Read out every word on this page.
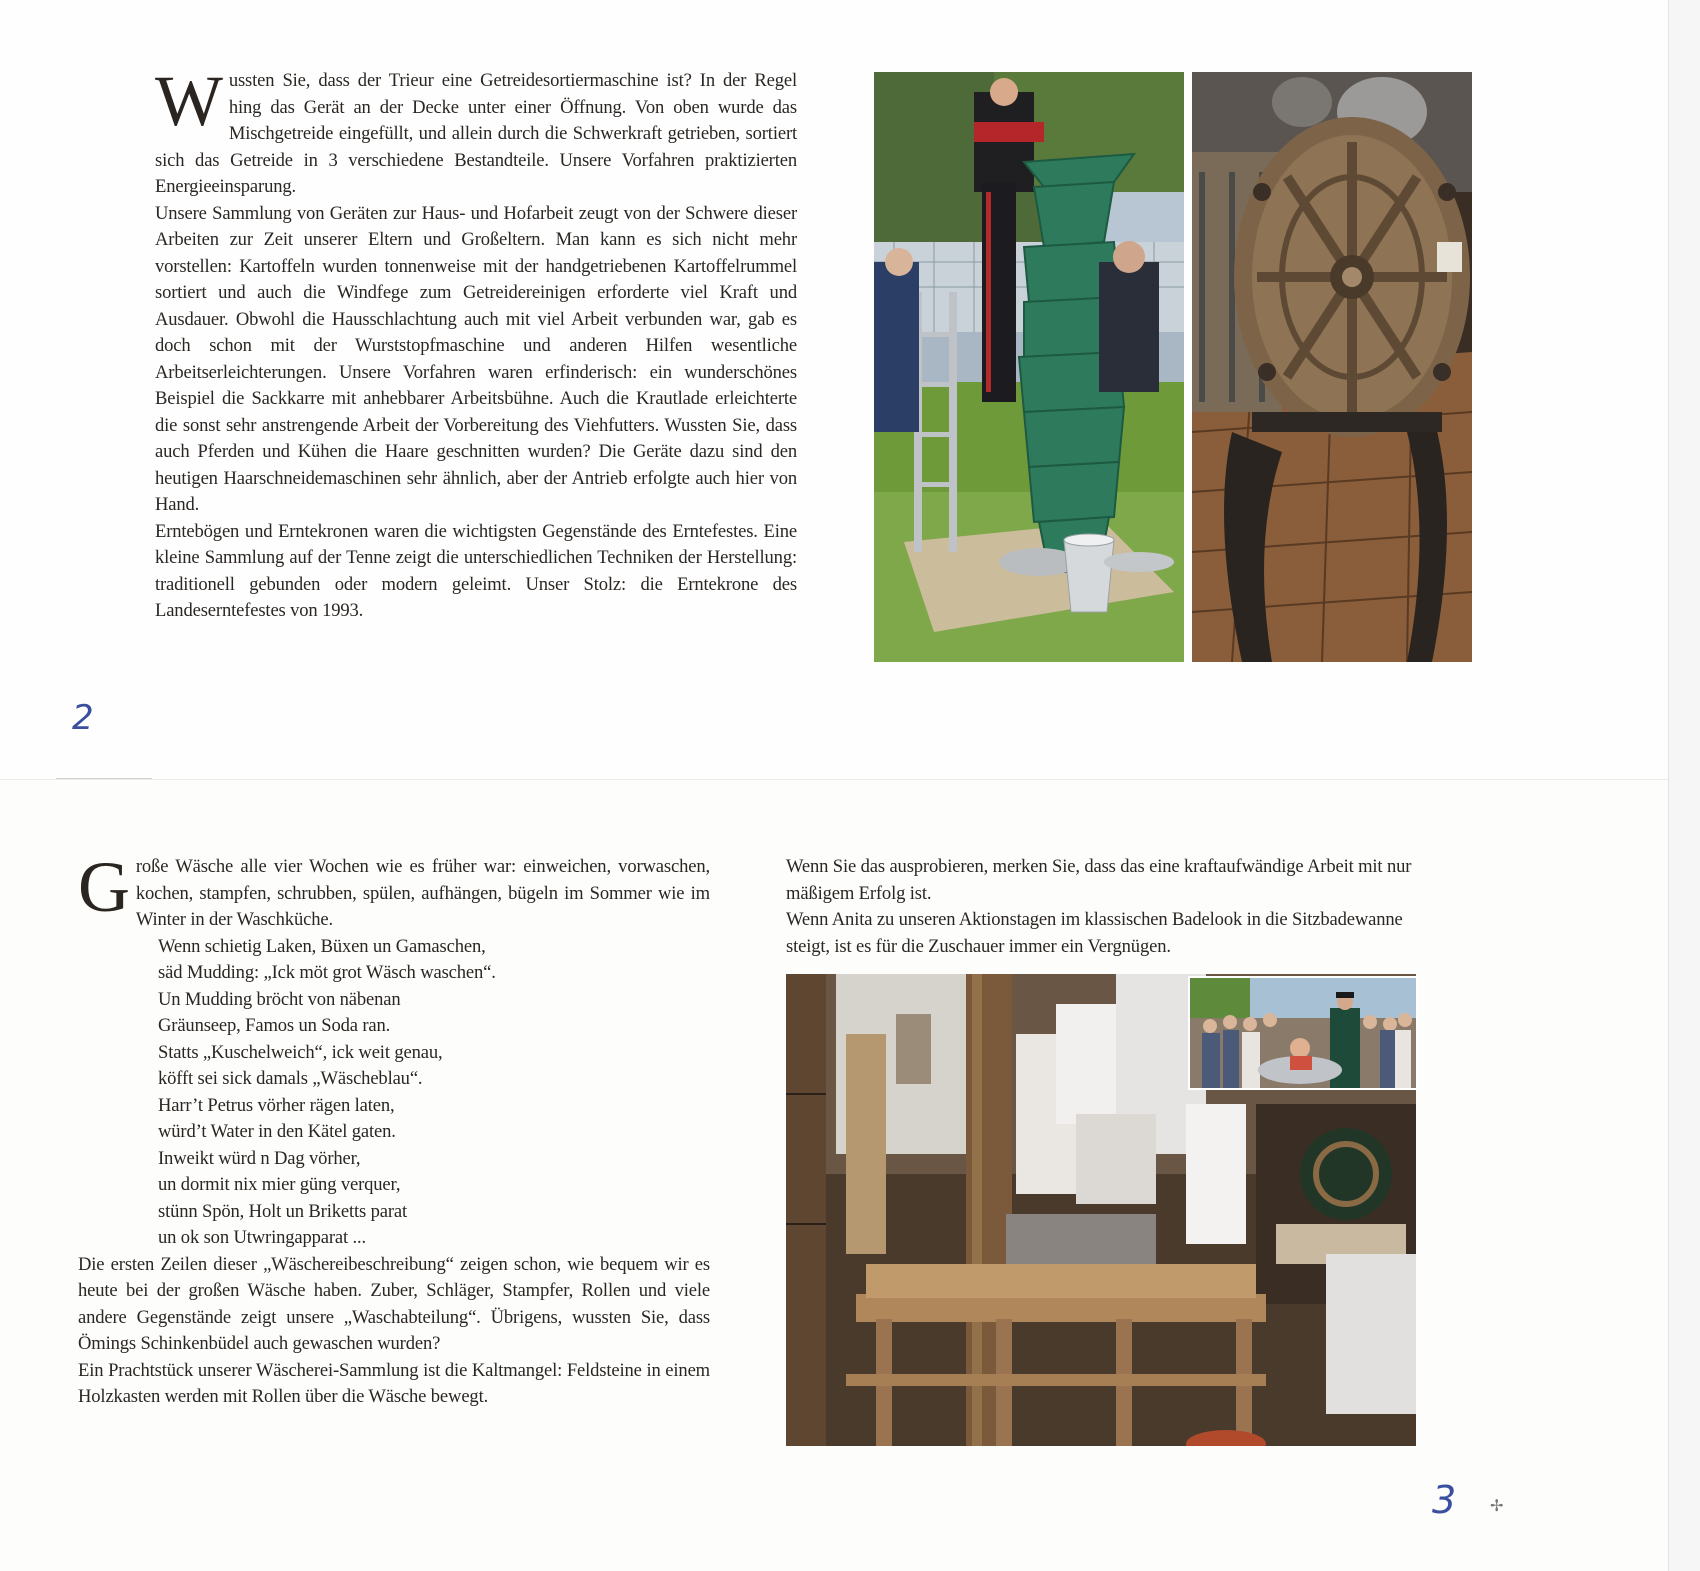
Wussten Sie, dass der Trieur eine Getreidesortiermaschine ist? In der Regel hing das Gerät an der Decke unter einer Öffnung. Von oben wurde das Mischgetreide eingefüllt, und allein durch die Schwerkraft getrieben, sortiert sich das Getreide in 3 verschiedene Bestandteile. Unsere Vorfahren praktizierten Energieeinsparung.

Unsere Sammlung von Geräten zur Haus- und Hofarbeit zeugt von der Schwere dieser Arbeiten zur Zeit unserer Eltern und Großeltern. Man kann es sich nicht mehr vorstellen: Kartoffeln wurden tonnenweise mit der handgetriebenen Kartoffelrummel sortiert und auch die Windfege zum Getreidereinigen erforderte viel Kraft und Ausdauer. Obwohl die Hausschlachtung auch mit viel Arbeit verbunden war, gab es doch schon mit der Wurststopfmaschine und anderen Hilfen wesentliche Arbeitserleichterungen. Unsere Vorfahren waren erfinderisch: ein wunderschönes Beispiel die Sackkarre mit anhebbarer Arbeitsbühne. Auch die Krautlade erleichterte die sonst sehr anstrengende Arbeit der Vorbereitung des Viehfutters. Wussten Sie, dass auch Pferden und Kühen die Haare geschnitten wurden? Die Geräte dazu sind den heutigen Haarschneidemaschinen sehr ähnlich, aber der Antrieb erfolgte auch hier von Hand.

Erntebögen und Erntekronen waren die wichtigsten Gegenstände des Erntefestes. Eine kleine Sammlung auf der Tenne zeigt die unterschiedlichen Techniken der Herstellung: traditionell gebunden oder modern geleimt. Unser Stolz: die Erntekrone des Landeserntefestes von 1993.

2

Große Wäsche alle vier Wochen wie es früher war: einweichen, vorwaschen, kochen, stampfen, schrubben, spülen, aufhängen, bügeln im Sommer wie im Winter in der Waschküche.

Wenn schietig Laken, Büxen un Gamaschen,

säd Mudding: „Ick möt grot Wäsch waschen“.

Un Mudding bröcht von näbenan

Gräunseep, Famos un Soda ran.

Statts „Kuschelweich“, ick weit genau,

köfft sei sick damals „Wäscheblau“.

Harr’t Petrus vörher rägen laten,

würd’t Water in den Kätel gaten.

Inweikt würd n Dag vörher,

un dormit nix mier güng verquer,

stünn Spön, Holt un Briketts parat

un ok son Utwringapparat ...

Die ersten Zeilen dieser „Wäschereibeschreibung“ zeigen schon, wie bequem wir es heute bei der großen Wäsche haben. Zuber, Schläger, Stampfer, Rollen und viele andere Gegenstände zeigt unsere „Waschabteilung“. Übrigens, wussten Sie, dass Ömings Schinkenbüdel auch gewaschen wurden?

Ein Prachtstück unserer Wäscherei-Sammlung ist die Kaltmangel: Feldsteine in einem Holzkasten werden mit Rollen über die Wäsche bewegt.

Wenn Sie das ausprobieren, merken Sie, dass das eine kraftaufwändige Arbeit mit nur mäßigem Erfolg ist.

Wenn Anita zu unseren Aktionstagen im klassischen Badelook in die Sitzbadewanne steigt, ist es für die Zuschauer immer ein Vergnügen.

3 ✢
